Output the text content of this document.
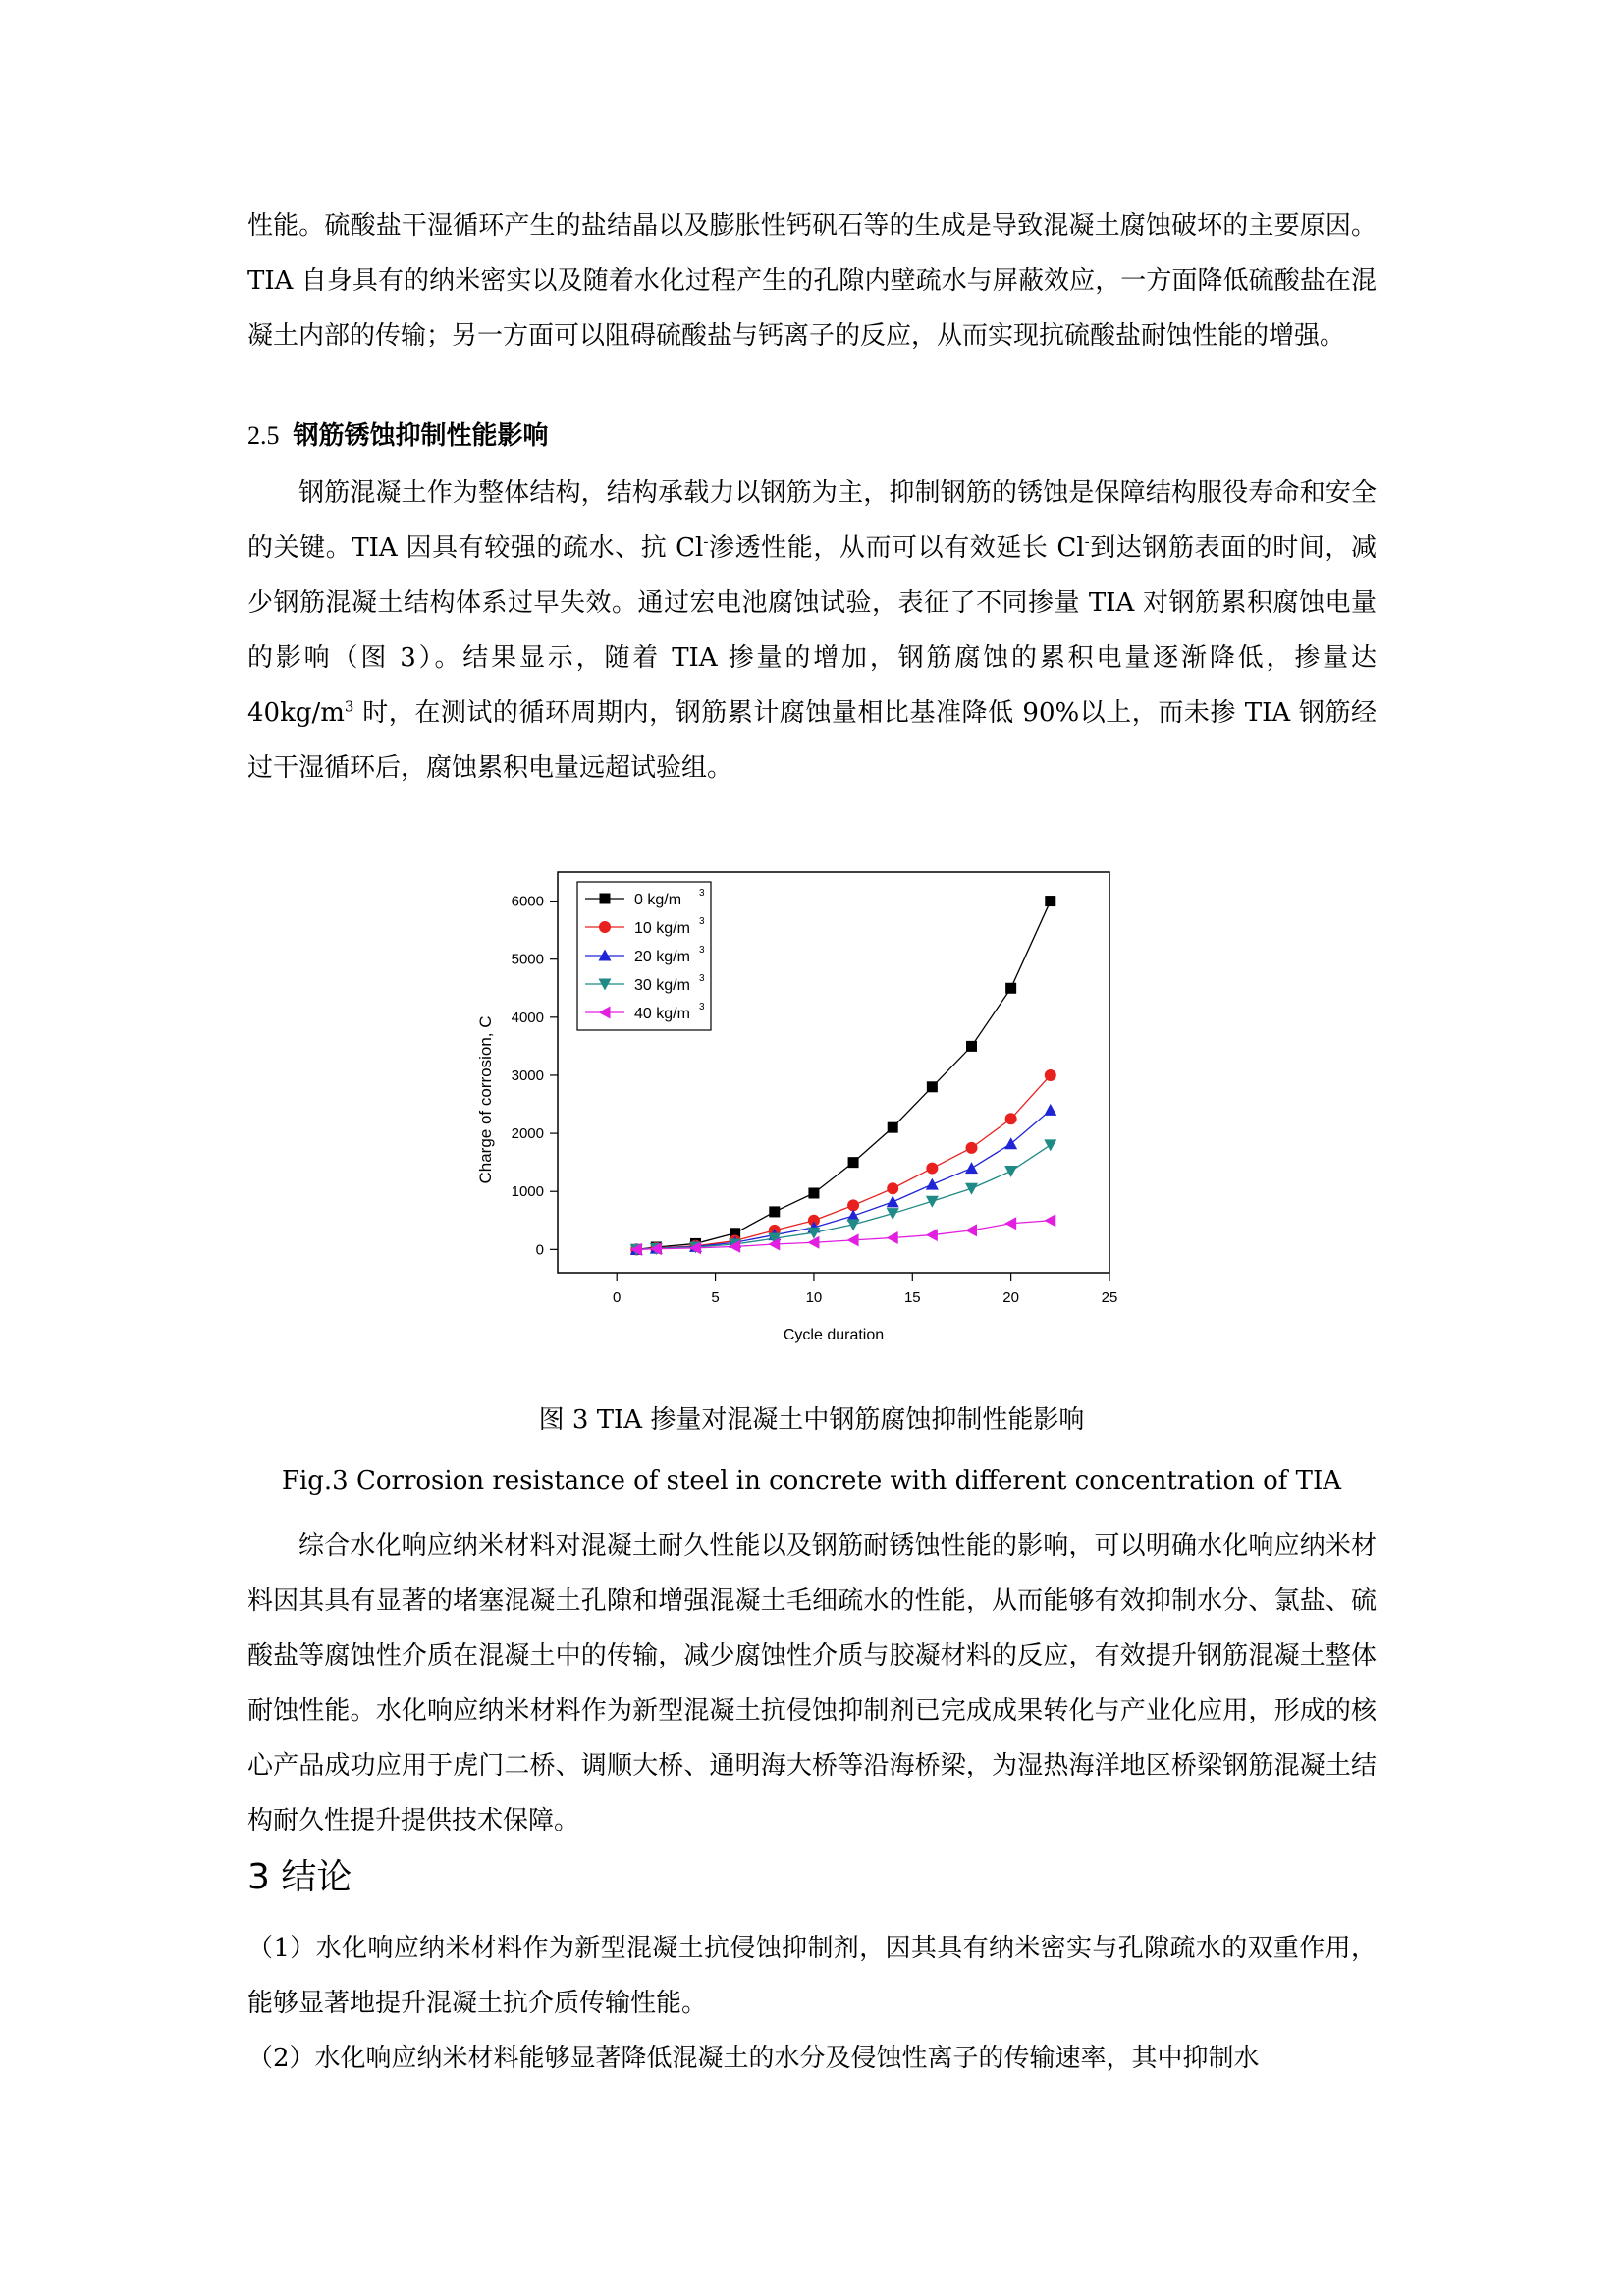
性能。硫酸盐干湿循环产生的盐结晶以及膨胀性钙矾石等的生成是导致混凝土腐蚀破坏的主要原因。TIA 自身具有的纳米密实以及随着水化过程产生的孔隙内壁疏水与屏蔽效应，一方面降低硫酸盐在混凝土内部的传输；另一方面可以阻碍硫酸盐与钙离子的反应，从而实现抗硫酸盐耐蚀性能的增强。

2.5 钢筋锈蚀抑制性能影响

钢筋混凝土作为整体结构，结构承载力以钢筋为主，抑制钢筋的锈蚀是保障结构服役寿命和安全的关键。TIA 因具有较强的疏水、抗 Cl-渗透性能，从而可以有效延长 Cl-到达钢筋表面的时间，减少钢筋混凝土结构体系过早失效。通过宏电池腐蚀试验，表征了不同掺量 TIA 对钢筋累积腐蚀电量的影响（图 3）。结果显示，随着 TIA 掺量的增加，钢筋腐蚀的累积电量逐渐降低，掺量达 $40kg/m^3$ 时，在测试的循环周期内，钢筋累计腐蚀量相比基准降低 90%以上，而未掺 TIA 钢筋经过干湿循环后，腐蚀累积电量远超试验组。

0	5	10	15	20	25
0
1000
2000
3000
4000
5000
6000
Cycle duration
Charge of corrosion, C
0 kg/m 3
10 kg/m 3
20 kg/m 3
30 kg/m 3
40 kg/m 3

图 3 TIA 掺量对混凝土中钢筋腐蚀抑制性能影响

Fig.3 Corrosion resistance of steel in concrete with different concentration of TIA

综合水化响应纳米材料对混凝土耐久性能以及钢筋耐锈蚀性能的影响，可以明确水化响应纳米材料因其具有显著的堵塞混凝土孔隙和增强混凝土毛细疏水的性能，从而能够有效抑制水分、氯盐、硫酸盐等腐蚀性介质在混凝土中的传输，减少腐蚀性介质与胶凝材料的反应，有效提升钢筋混凝土整体耐蚀性能。水化响应纳米材料作为新型混凝土抗侵蚀抑制剂已完成成果转化与产业化应用，形成的核心产品成功应用于虎门二桥、调顺大桥、通明海大桥等沿海桥梁，为湿热海洋地区桥梁钢筋混凝土结构耐久性提升提供技术保障。

3 结论

（1）水化响应纳米材料作为新型混凝土抗侵蚀抑制剂，因其具有纳米密实与孔隙疏水的双重作用，能够显著地提升混凝土抗介质传输性能。

（2）水化响应纳米材料能够显著降低混凝土的水分及侵蚀性离子的传输速率，其中抑制水
